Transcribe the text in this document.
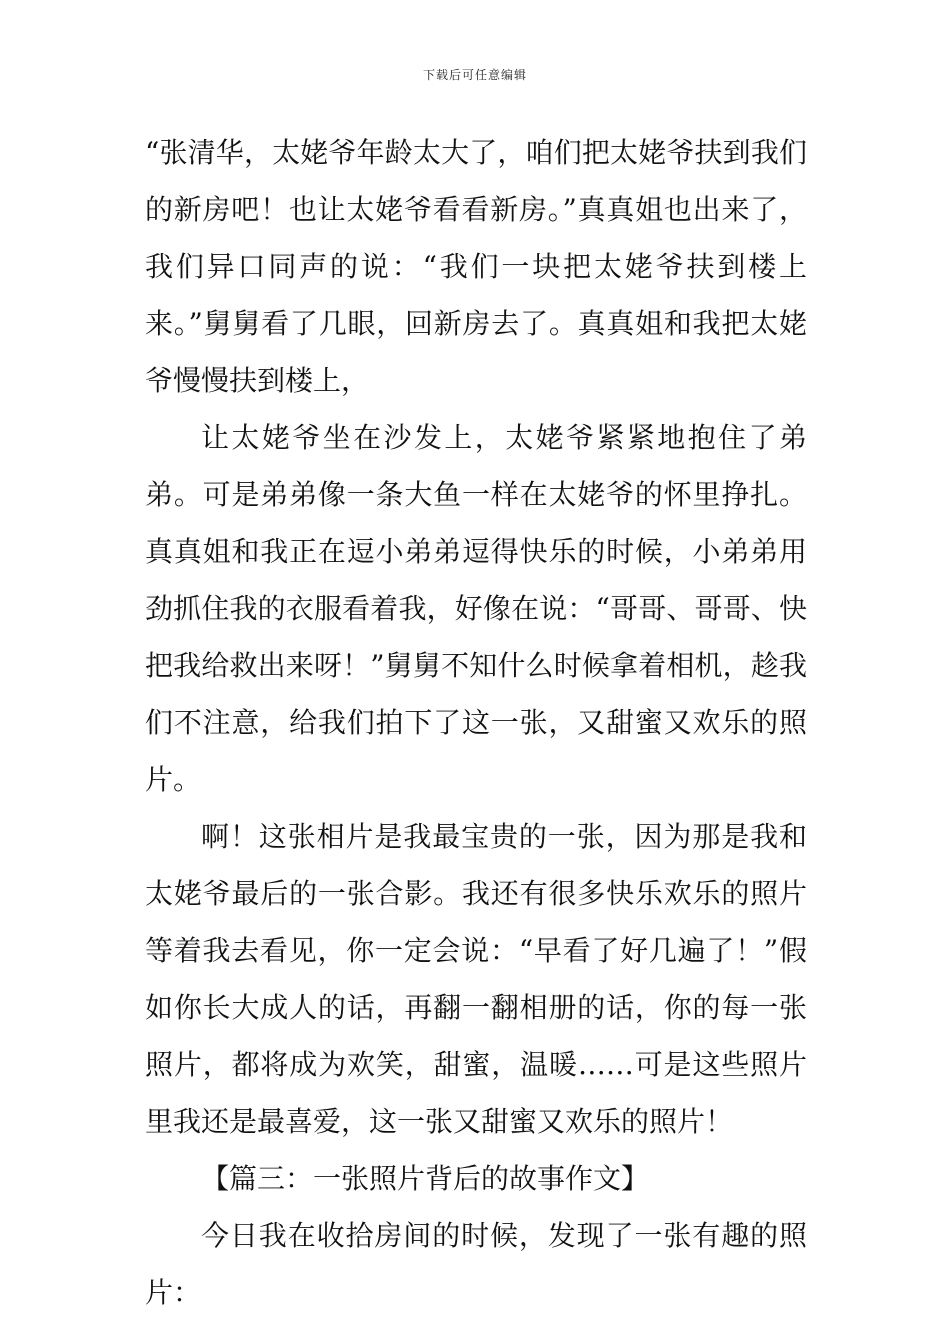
下载后可任意编辑

“张清华，太姥爷年龄太大了，咱们把太姥爷扶到我们的新房吧！也让太姥爷看看新房。”真真姐也出来了，我们异口同声的说：“我们一块把太姥爷扶到楼上来。”舅舅看了几眼，回新房去了。真真姐和我把太姥爷慢慢扶到楼上，

让太姥爷坐在沙发上，太姥爷紧紧地抱住了弟弟。可是弟弟像一条大鱼一样在太姥爷的怀里挣扎。真真姐和我正在逗小弟弟逗得快乐的时候，小弟弟用劲抓住我的衣服看着我，好像在说：“哥哥、哥哥、快把我给救出来呀！”舅舅不知什么时候拿着相机，趁我们不注意，给我们拍下了这一张，又甜蜜又欢乐的照片。

啊！这张相片是我最宝贵的一张，因为那是我和太姥爷最后的一张合影。我还有很多快乐欢乐的照片等着我去看见，你一定会说：“早看了好几遍了！”假如你长大成人的话，再翻一翻相册的话，你的每一张照片，都将成为欢笑，甜蜜，温暖……可是这些照片里我还是最喜爱，这一张又甜蜜又欢乐的照片！

【篇三：一张照片背后的故事作文】

今日我在收拾房间的时候，发现了一张有趣的照片：
